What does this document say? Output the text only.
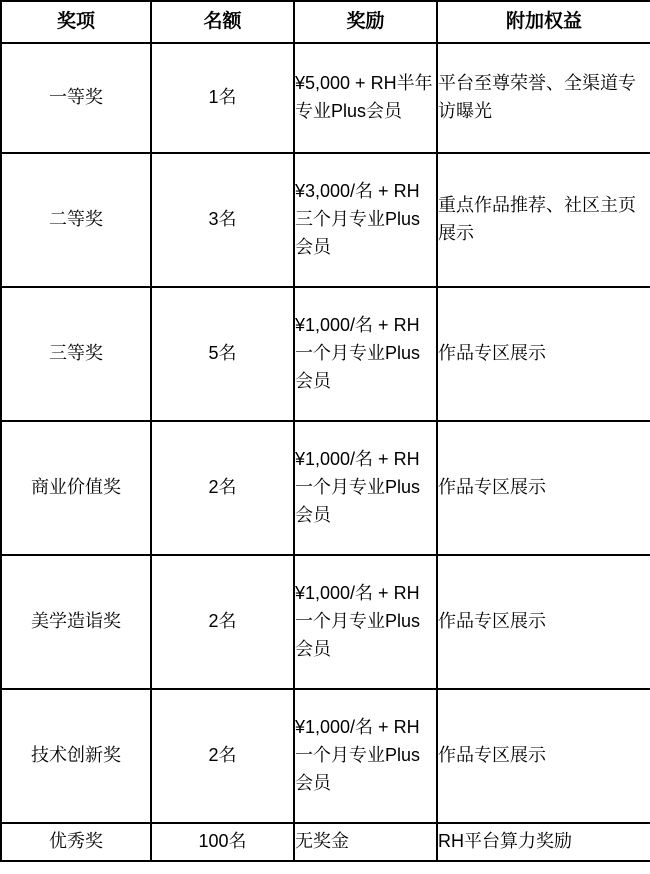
奖项	名额	奖励	附加权益
一等奖	1名	¥5,000 + RH半年专业Plus会员	平台至尊荣誉、全渠道专访曝光
二等奖	3名	¥3,000/名 + RH三个月专业Plus会员	重点作品推荐、社区主页展示
三等奖	5名	¥1,000/名 + RH一个月专业Plus会员	作品专区展示
商业价值奖	2名	¥1,000/名 + RH一个月专业Plus会员	作品专区展示
美学造诣奖	2名	¥1,000/名 + RH一个月专业Plus会员	作品专区展示
技术创新奖	2名	¥1,000/名 + RH一个月专业Plus会员	作品专区展示
优秀奖	100名	无奖金	RH平台算力奖励
